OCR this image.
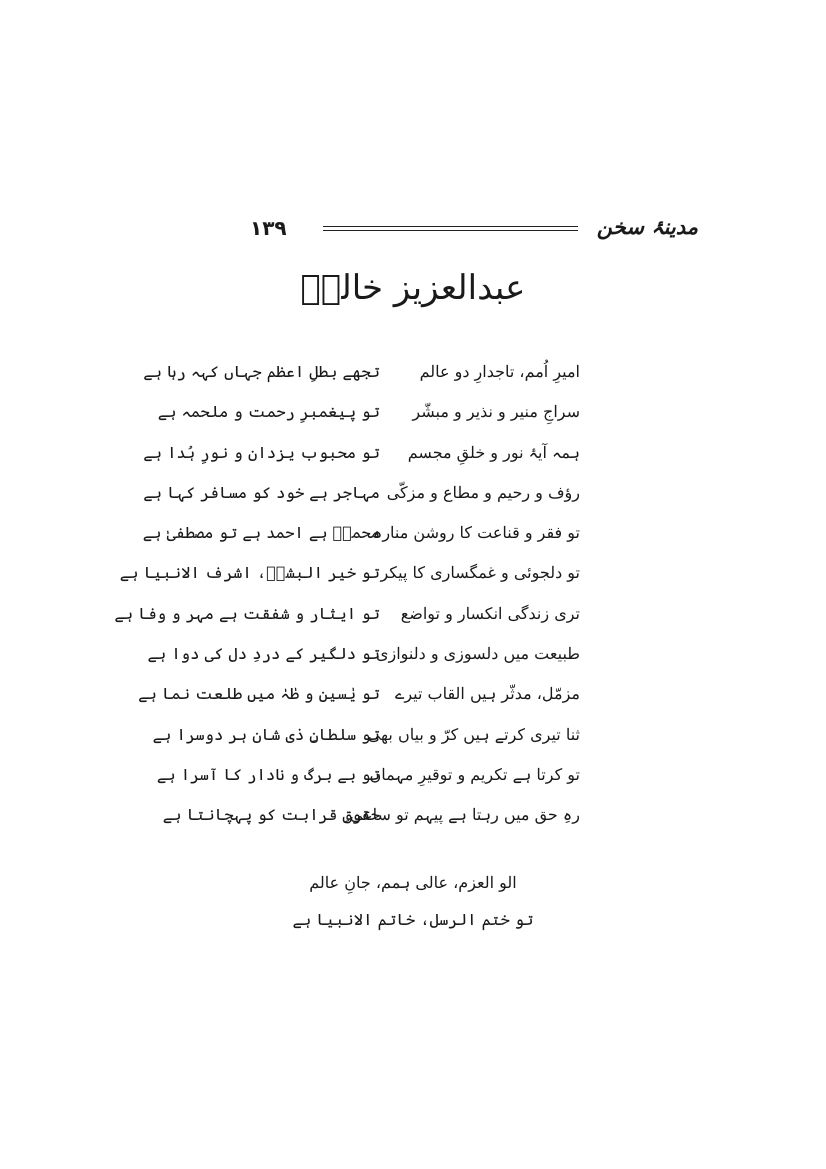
۱۳۹	مدینۂ سخن
عبدالعزیز خالدؔ
امیرِ اُمم، تاجدارِ دو عالم
تجھے بطلِ اعظم جہاں کہہ رہا ہے
سراجِ منیر و نذیر و مبشّر
تو پیغمبرِ رحمت و ملحمہ ہے
ہمہ آیۂ نور و خلقِ مجسم
تو محبوب یزدان و نورِ ہُدا ہے
رؤف و رحیم و مطاع و مزکّی
مہاجر ہے خود کو مسافر کہا ہے
تو فقر و قناعت کا روشن منارہ
محمدؐ ہے احمد ہے تو مصطفیٰ ہے
تو دلجوئی و غمگساری کا پیکر
تو خیر البشرؐ، اشرف الانبیا ہے
تری زندگی انکسار و تواضع
تو ایثار و شفقت ہے مہر و وفا ہے
طبیعت میں دلسوزی و دلنوازی
تو دلگیر کے دردِ دل کی دوا ہے
مزمّل، مدثّر ہیں القاب تیرے
تو یٰسین و طٰہٰ میں طلعت نما ہے
ثنا تیری کرتے ہیں کرّ و بیاں بھی
تو سلطانِ ذی شان ہر دوسرا ہے
تو کرتا ہے تکریم و توقیرِ مہماں
تو بے برگ و نادار کا آسرا ہے
رہِ حق میں رہتا ہے پیہم تو ساعی
حقوقِ قرابت کو پہچانتا ہے
الو العزم، عالی ہمم، جانِ عالم
تو ختم الرسل، خاتم الانبیا ہے
